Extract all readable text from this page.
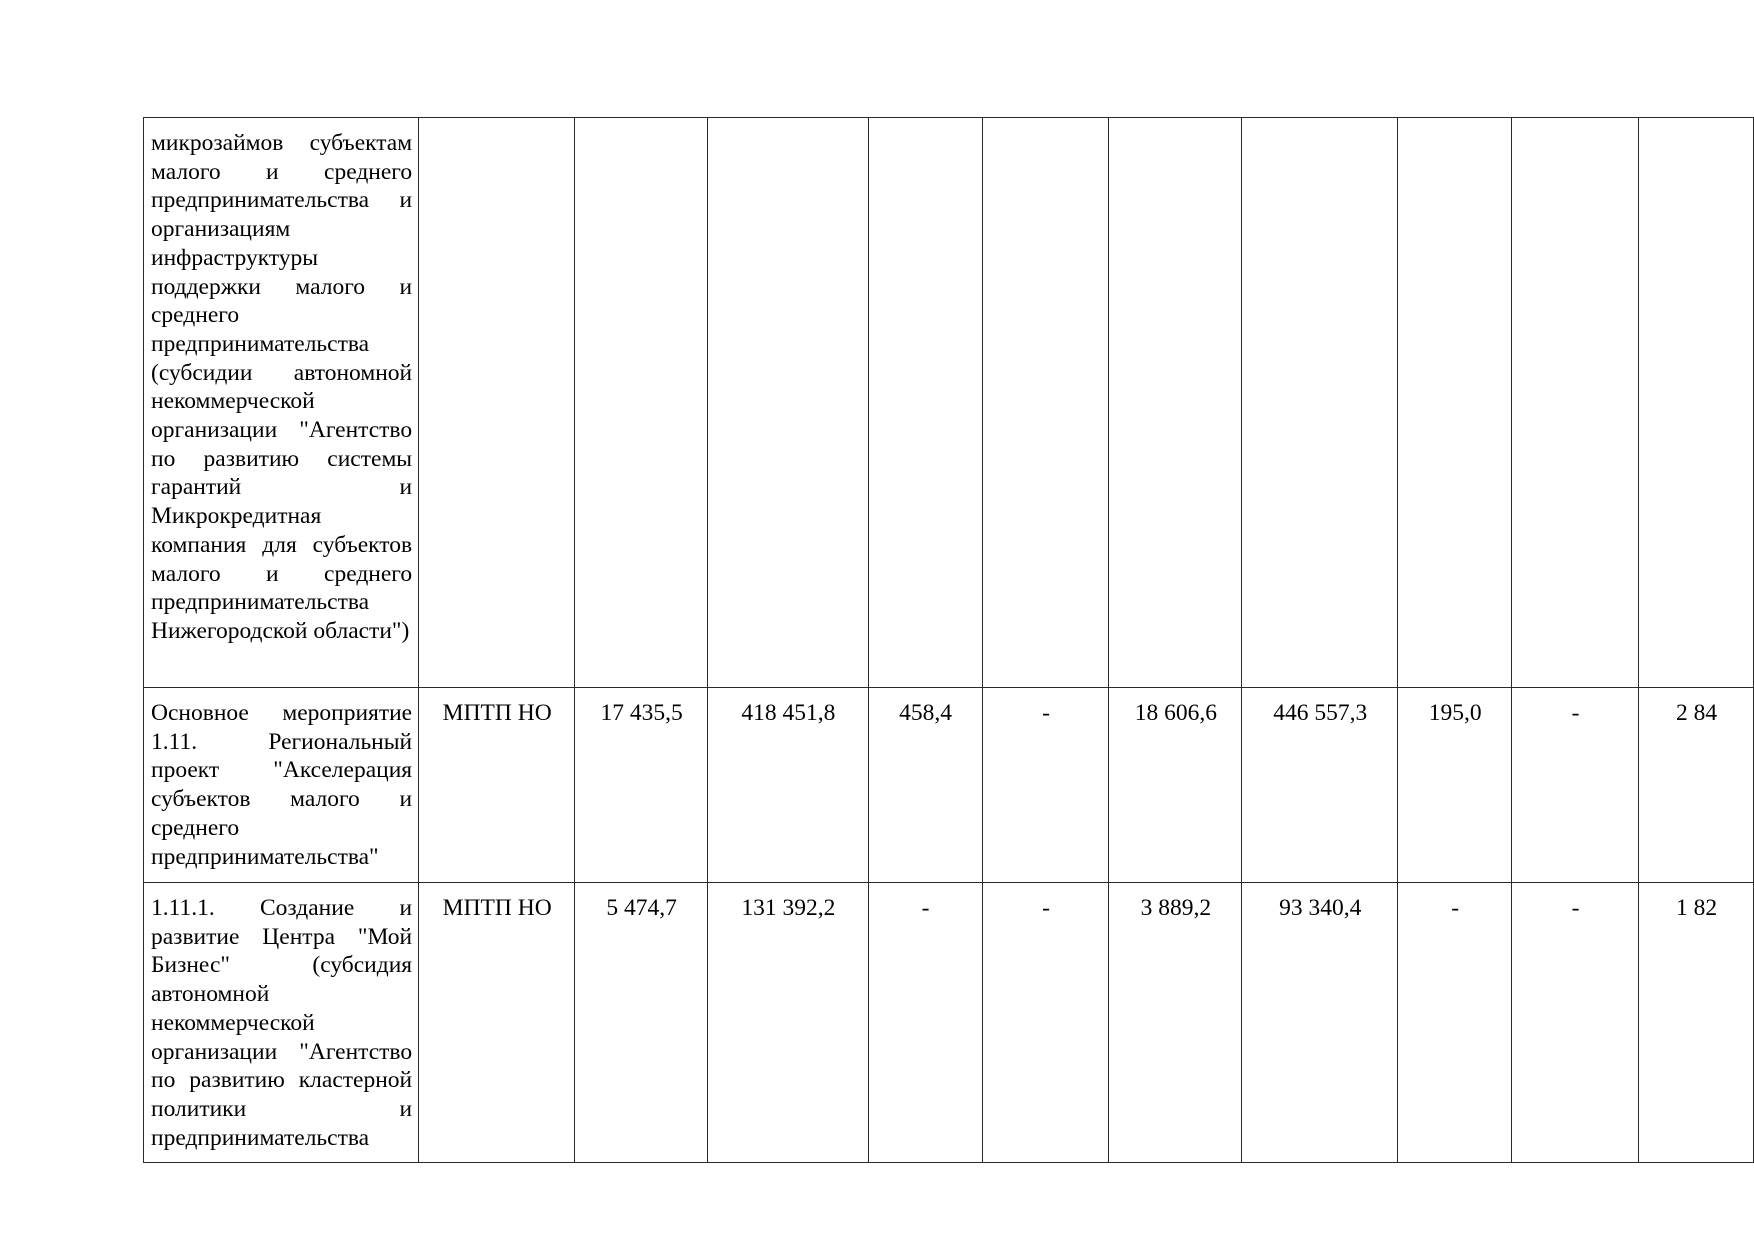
микрозаймов субъектам малого и среднего предпринимательства и организациям инфраструктуры поддержки малого и среднего предпринимательства (субсидии автономной некоммерческой организации "Агентство по развитию системы гарантий и Микрокредитная компания для субъектов малого и среднего предпринимательства Нижегородской области")										
Основное мероприятие 1.11. Региональный проект "Акселерация субъектов малого и среднего предпринимательства"	МПТП НО	17 435,5	418 451,8	458,4	-	18 606,6	446 557,3	195,0	-	2 84
1.11.1. Создание и развитие Центра "Мой Бизнес" (субсидия автономной некоммерческой организации "Агентство по развитию кластерной политики и предпринимательства	МПТП НО	5 474,7	131 392,2	-	-	3 889,2	93 340,4	-	-	1 82
